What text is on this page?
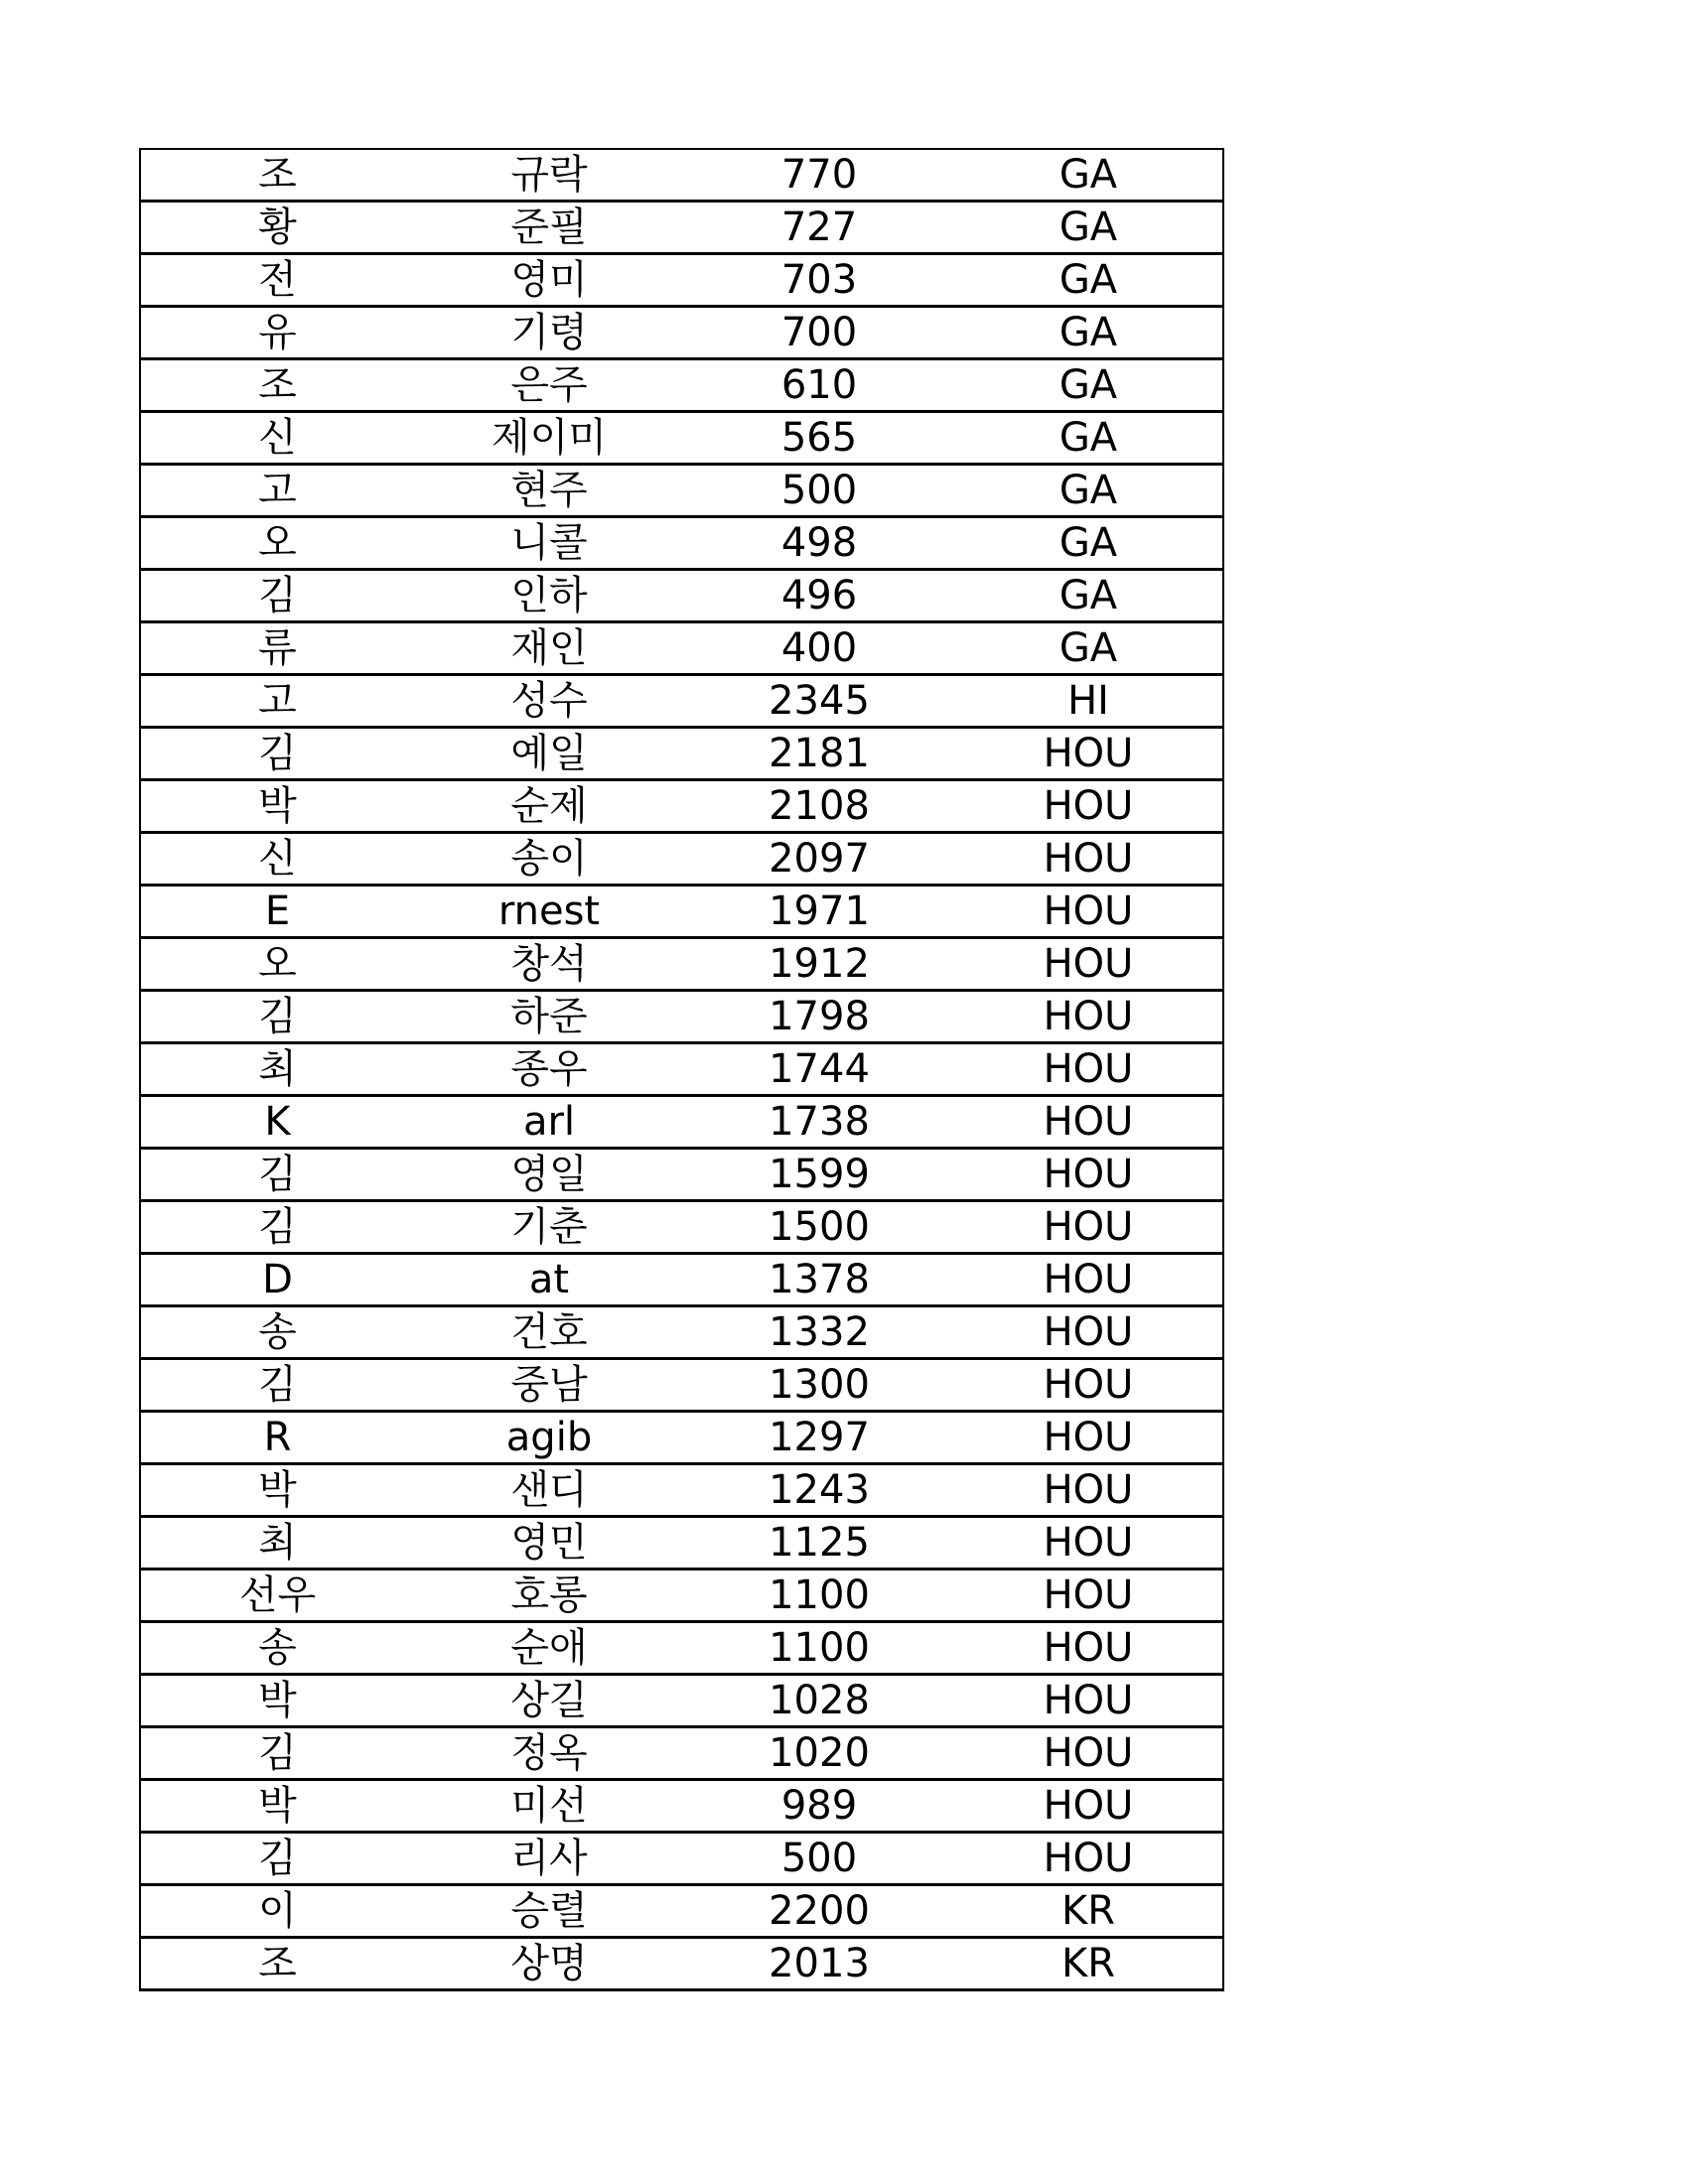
조	규락	770	GA
황	준필	727	GA
전	영미	703	GA
유	기령	700	GA
조	은주	610	GA
신	제이미	565	GA
고	현주	500	GA
오	니콜	498	GA
김	인하	496	GA
류	재인	400	GA
고	성수	2345	HI
김	예일	2181	HOU
박	순제	2108	HOU
신	송이	2097	HOU
E	rnest	1971	HOU
오	창석	1912	HOU
김	하준	1798	HOU
최	종우	1744	HOU
K	arl	1738	HOU
김	영일	1599	HOU
김	기춘	1500	HOU
D	at	1378	HOU
송	건호	1332	HOU
김	중남	1300	HOU
R	agib	1297	HOU
박	샌디	1243	HOU
최	영민	1125	HOU
선우	호롱	1100	HOU
송	순애	1100	HOU
박	상길	1028	HOU
김	정옥	1020	HOU
박	미선	989	HOU
김	리사	500	HOU
이	승렬	2200	KR
조	상명	2013	KR
